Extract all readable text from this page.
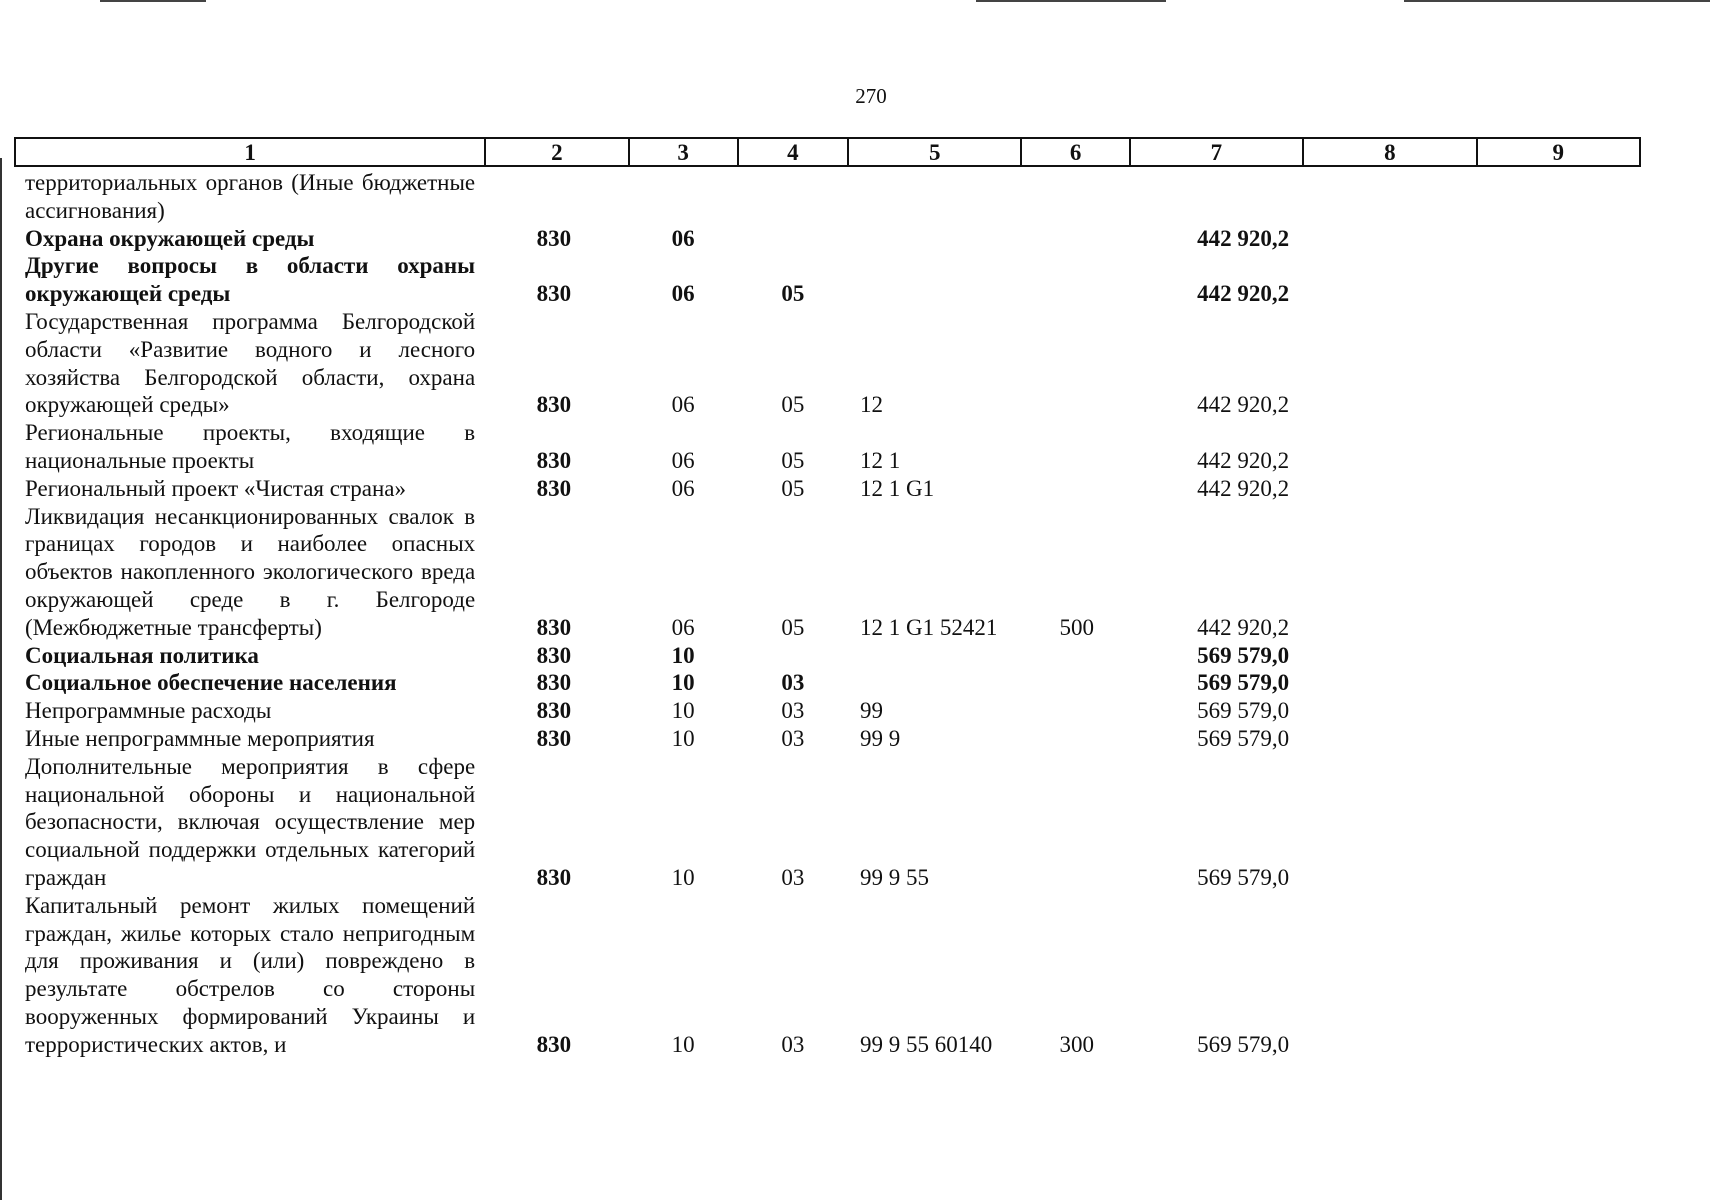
270
1	2	3	4	5	6	7	8	9
территориальных органов (Иные бюджетные ассигнования)								
Охрана окружающей среды	830	06				442 920,2		
Другие вопросы в области охраны окружающей среды	830	06	05			442 920,2		
Государственная программа Белгородской области «Развитие водного и лесного хозяйства Белгородской области, охрана окружающей среды»	830	06	05	12		442 920,2		
Региональные проекты, входящие в национальные проекты	830	06	05	12 1		442 920,2		
Региональный проект «Чистая страна»	830	06	05	12 1 G1		442 920,2		
Ликвидация несанкционированных свалок в границах городов и наиболее опасных объектов накопленного экологического вреда окружающей среде в г. Белгороде (Межбюджетные трансферты)	830	06	05	12 1 G1 52421	500	442 920,2		
Социальная политика	830	10				569 579,0		
Социальное обеспечение населения	830	10	03			569 579,0		
Непрограммные расходы	830	10	03	99		569 579,0		
Иные непрограммные мероприятия	830	10	03	99 9		569 579,0		
Дополнительные мероприятия в сфере национальной обороны и национальной безопасности, включая осуществление мер социальной поддержки отдельных категорий граждан	830	10	03	99 9 55		569 579,0		
Капитальный ремонт жилых помещений граждан, жилье которых стало непригодным для проживания и (или) повреждено в результате обстрелов со стороны вооруженных формирований Украины и террористических актов, и	830	10	03	99 9 55 60140	300	569 579,0		
